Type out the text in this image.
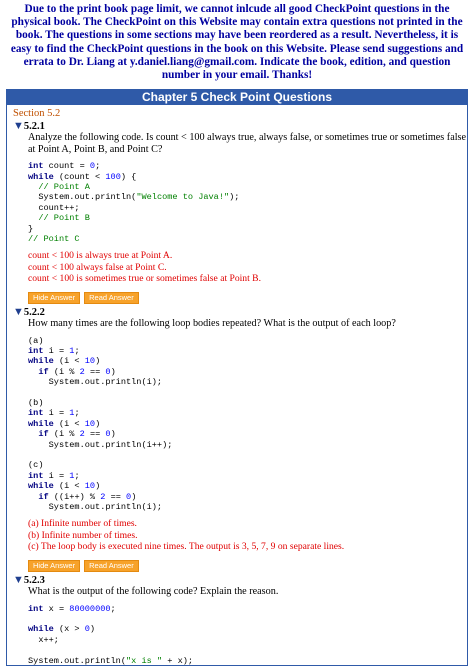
Due to the print book page limit, we cannot inlcude all good CheckPoint questions in the physical book. The CheckPoint on this Website may contain extra questions not printed in the book. The questions in some sections may have been reordered as a result. Nevertheless, it is easy to find the CheckPoint questions in the book on this Website. Please send suggestions and errata to Dr. Liang at y.daniel.liang@gmail.com. Indicate the book, edition, and question number in your email. Thanks!
Chapter 5 Check Point Questions
Section 5.2
▼5.2.1
Analyze the following code. Is count < 100 always true, always false, or sometimes true or sometimes false at Point A, Point B, and Point C?
int count = 0;
while (count < 100) {
// Point A
System.out.println("Welcome to Java!");
count++;
// Point B
}
// Point C
count < 100 is always true at Point A.
count < 100 always false at Point C.
count < 100 is sometimes true or sometimes false at Point B.
Hide Answer Read Answer
▼5.2.2
How many times are the following loop bodies repeated? What is the output of each loop?
(a)
int i = 1;
while (i < 10)
if (i % 2 == 0)
System.out.println(i);

(b)
int i = 1;
while (i < 10)
if (i % 2 == 0)
System.out.println(i++);

(c)
int i = 1;
while (i < 10)
if ((i++) % 2 == 0)
System.out.println(i);
(a) Infinite number of times.
(b) Infinite number of times.
(c) The loop body is executed nine times. The output is 3, 5, 7, 9 on separate lines.
Hide Answer Read Answer
▼5.2.3
What is the output of the following code? Explain the reason.
int x = 80000000;

while (x > 0)
x++;

System.out.println("x is " + x);
